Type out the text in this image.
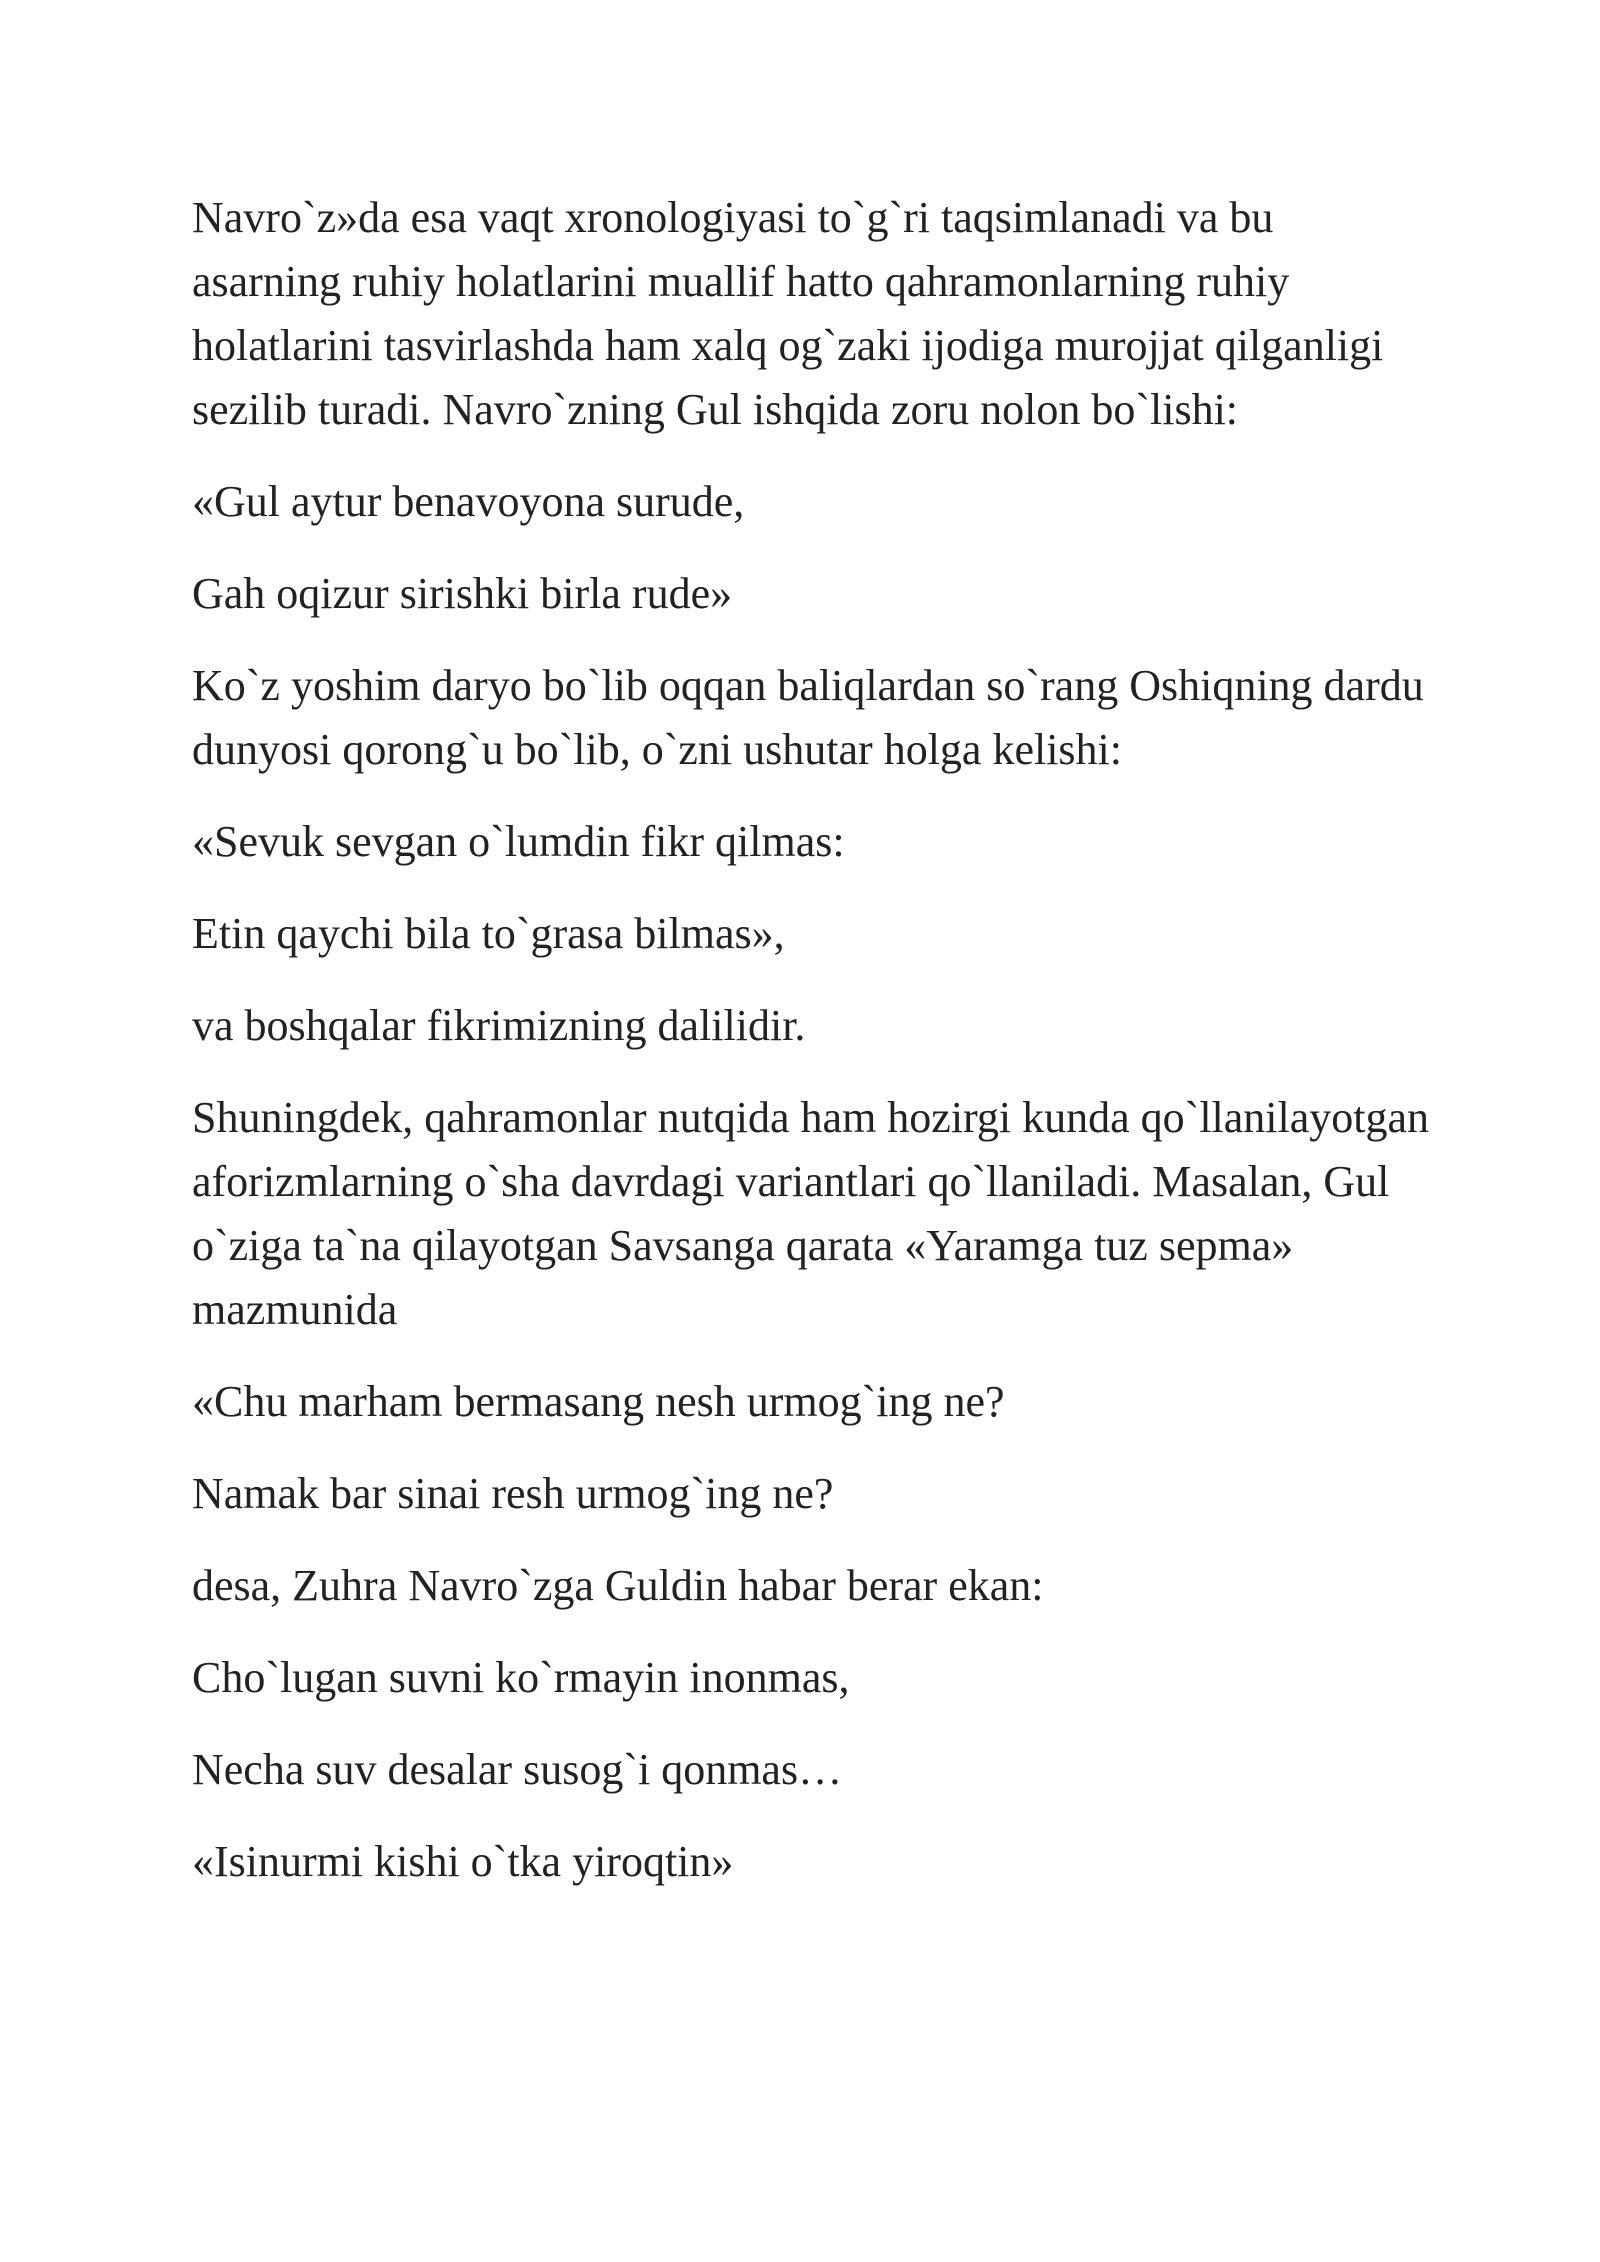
Navro`z»da esa vaqt xronologiyasi to`g`ri taqsimlanadi va bu asarning ruhiy holatlarini muallif hatto qahramonlarning ruhiy holatlarini tasvirlashda ham xalq og`zaki ijodiga murojjat qilganligi sezilib turadi. Navro`zning Gul ishqida zoru nolon bo`lishi:

«Gul aytur benavoyona surude,

Gah oqizur sirishki birla rude»

Ko`z yoshim daryo bo`lib oqqan baliqlardan so`rang Oshiqning dardu dunyosi qorong`u bo`lib, o`zni ushutar holga kelishi:

«Sevuk sevgan o`lumdin fikr qilmas:

Etin qaychi bila to`grasa bilmas»,

va boshqalar fikrimizning dalilidir.

Shuningdek, qahramonlar nutqida ham hozirgi kunda qo`llanilayotgan aforizmlarning o`sha davrdagi variantlari qo`llaniladi. Masalan, Gul o`ziga ta`na qilayotgan Savsanga qarata «Yaramga tuz sepma» mazmunida

«Chu marham bermasang nesh urmog`ing ne?

Namak bar sinai resh urmog`ing ne?

desa, Zuhra Navro`zga Guldin habar berar ekan:

Cho`lugan suvni ko`rmayin inonmas,

Necha suv desalar susog`i qonmas…

«Isinurmi kishi o`tka yiroqtin»
